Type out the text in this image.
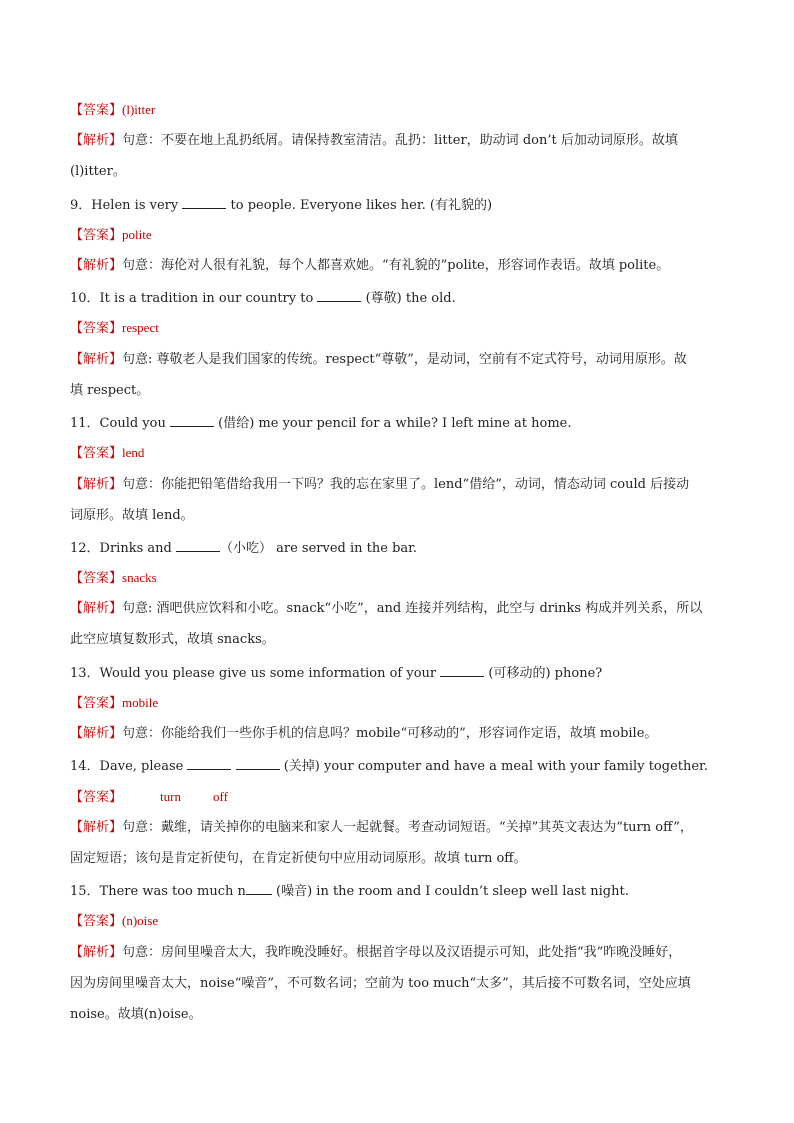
【答案】(l)itter
【解析】句意：不要在地上乱扔纸屑。请保持教室清洁。乱扔：litter，助动词 don’t 后加动词原形。故填
(l)itter。
9．Helen is very	to people. Everyone likes her. (有礼貌的)
【答案】polite
【解析】句意：海伦对人很有礼貌，每个人都喜欢她。“有礼貌的”polite，形容词作表语。故填 polite。
10．It is a tradition in our country to	(尊敬) the old.
【答案】respect
【解析】句意: 尊敬老人是我们国家的传统。respect“尊敬”，是动词，空前有不定式符号，动词用原形。故
填 respect。
11．Could you	(借给) me your pencil for a while? I left mine at home.
【答案】lend
【解析】句意：你能把铅笔借给我用一下吗？我的忘在家里了。lend“借给”，动词，情态动词 could 后接动
词原形。故填 lend。
12．Drinks and	（小吃） are served in the bar.
【答案】snacks
【解析】句意: 酒吧供应饮料和小吃。snack“小吃”，and 连接并列结构，此空与 drinks 构成并列关系，所以
此空应填复数形式，故填 snacks。
13．Would you please give us some information of your	(可移动的) phone?
【答案】mobile
【解析】句意：你能给我们一些你手机的信息吗？mobile“可移动的”，形容词作定语，故填 mobile。
14．Dave, please	(关掉) your computer and have a meal with your family together.
【答案】	turn off
【解析】句意：戴维，请关掉你的电脑来和家人一起就餐。考查动词短语。“关掉”其英文表达为“turn off”，
固定短语；该句是肯定祈使句，在肯定祈使句中应用动词原形。故填 turn off。
15．There was too much n (噪音) in the room and I couldn’t sleep well last night.
【答案】(n)oise
【解析】句意：房间里噪音太大，我昨晚没睡好。根据首字母以及汉语提示可知，此处指“我”昨晚没睡好，
因为房间里噪音太大，noise“噪音”，不可数名词；空前为 too much“太多”，其后接不可数名词，空处应填
noise。故填(n)oise。
